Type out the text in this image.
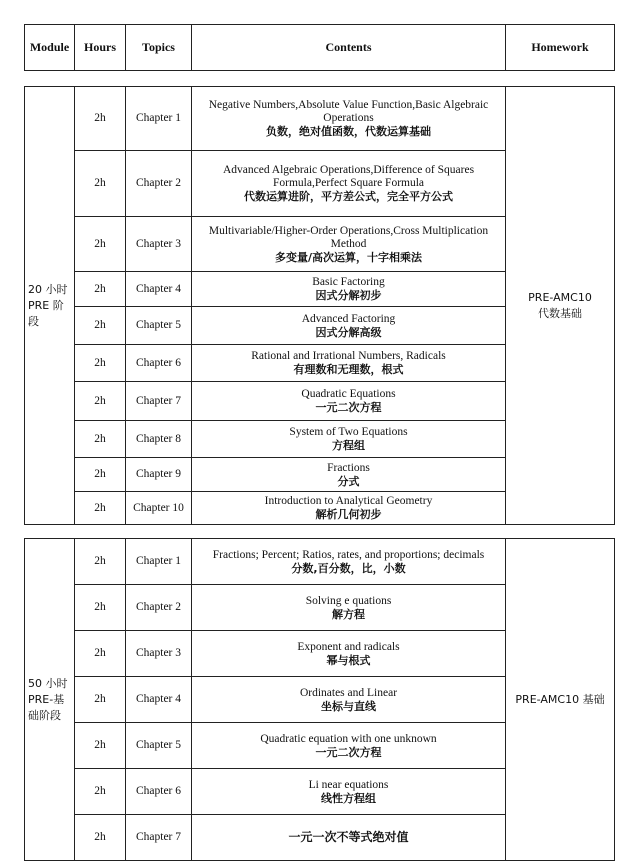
Module	Hours	Topics	Contents	Homework
20 小时 PRE 阶段	2h	Chapter 1	Negative Numbers,Absolute Value Function,Basic Algebraic Operations
负数，绝对值函数，代数运算基础	PRE-AMC10
代数基础

	2h	Chapter 2	Advanced Algebraic Operations,Difference of Squares Formula,Perfect Square Formula
代数运算进阶，平方差公式，完全平方公式	

	2h	Chapter 3	Multivariable/Higher-Order Operations,Cross Multiplication Method
多变量/高次运算，十字相乘法	

	2h	Chapter 4	Basic Factoring
因式分解初步	

	2h	Chapter 5	Advanced Factoring
因式分解高级	

	2h	Chapter 6	Rational and Irrational Numbers, Radicals
有理数和无理数，根式	

	2h	Chapter 7	Quadratic Equations
一元二次方程	

	2h	Chapter 8	System of Two Equations
方程组	

	2h	Chapter 9	Fractions
分式	

	2h	Chapter 10	Introduction to Analytical Geometry
解析几何初步	
50 小时 PRE-基础阶段	2h	Chapter 1	Fractions; Percent; Ratios, rates, and proportions; decimals
分数,百分数，比，小数	PRE-AMC10 基础
	2h	Chapter 2	Solving e quations
解方程	

	2h	Chapter 3	Exponent and radicals
幂与根式	

	2h	Chapter 4	Ordinates and Linear
坐标与直线	

	2h	Chapter 5	Quadratic equation with one unknown
一元二次方程	

	2h	Chapter 6	Li near equations
线性方程组	

	2h	Chapter 7	一元一次不等式绝对值	
